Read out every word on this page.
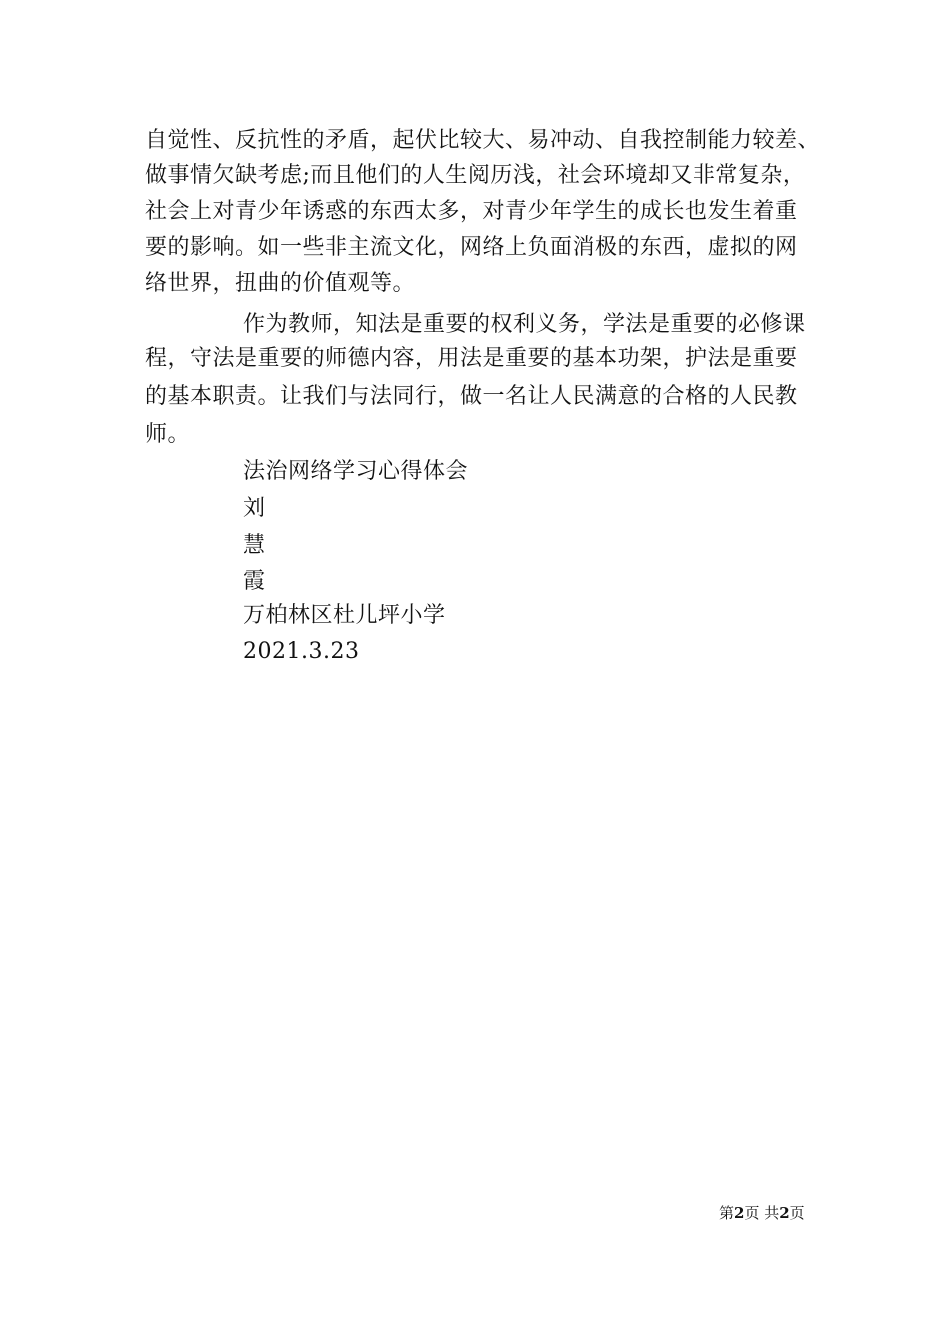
自觉性、反抗性的矛盾，起伏比较大、易冲动、自我控制能力较差、
做事情欠缺考虑;而且他们的人生阅历浅，社会环境却又非常复杂，
社会上对青少年诱惑的东西太多，对青少年学生的成长也发生着重
要的影响。如一些非主流文化，网络上负面消极的东西，虚拟的网
络世界，扭曲的价值观等。
作为教师，知法是重要的权利义务，学法是重要的必修课
程，守法是重要的师德内容，用法是重要的基本功架，护法是重要
的基本职责。让我们与法同行，做一名让人民满意的合格的人民教
师。
法治网络学习心得体会
刘
慧
霞
万柏林区杜儿坪小学
2021.3.23
第2页 共2页
